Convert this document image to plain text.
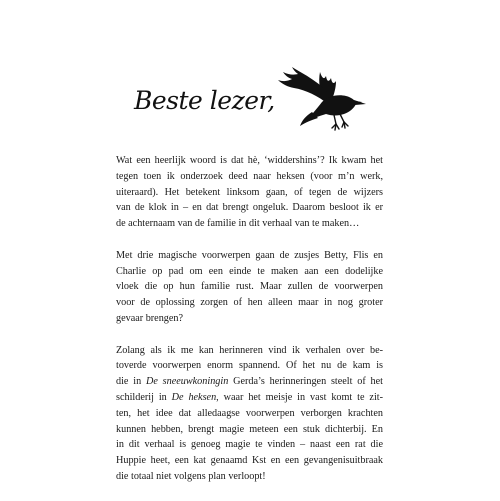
Beste lezer,

Wat een heerlijk woord is dat hè, ‘widdershins’? Ik kwam het
tegen toen ik onderzoek deed naar heksen (voor m’n werk,
uiteraard). Het betekent linksom gaan, of tegen de wijzers
van de klok in – en dat brengt ongeluk. Daarom besloot ik er
de achternaam van de familie in dit verhaal van te maken…

Met drie magische voorwerpen gaan de zusjes Betty, Flis en
Charlie op pad om een einde te maken aan een dodelijke
vloek die op hun familie rust. Maar zullen de voorwerpen
voor de oplossing zorgen of hen alleen maar in nog groter
gevaar brengen?

Zolang als ik me kan herinneren vind ik verhalen over be-
toverde voorwerpen enorm spannend. Of het nu de kam is
die in De sneeuwkoningin Gerda’s herinneringen steelt of het
schilderij in De heksen, waar het meisje in vast komt te zit-
ten, het idee dat alledaagse voorwerpen verborgen krachten
kunnen hebben, brengt magie meteen een stuk dichterbij. En
in dit verhaal is genoeg magie te vinden – naast een rat die
Huppie heet, een kat genaamd Kst en een gevangenisuitbraak
die totaal niet volgens plan verloopt!
